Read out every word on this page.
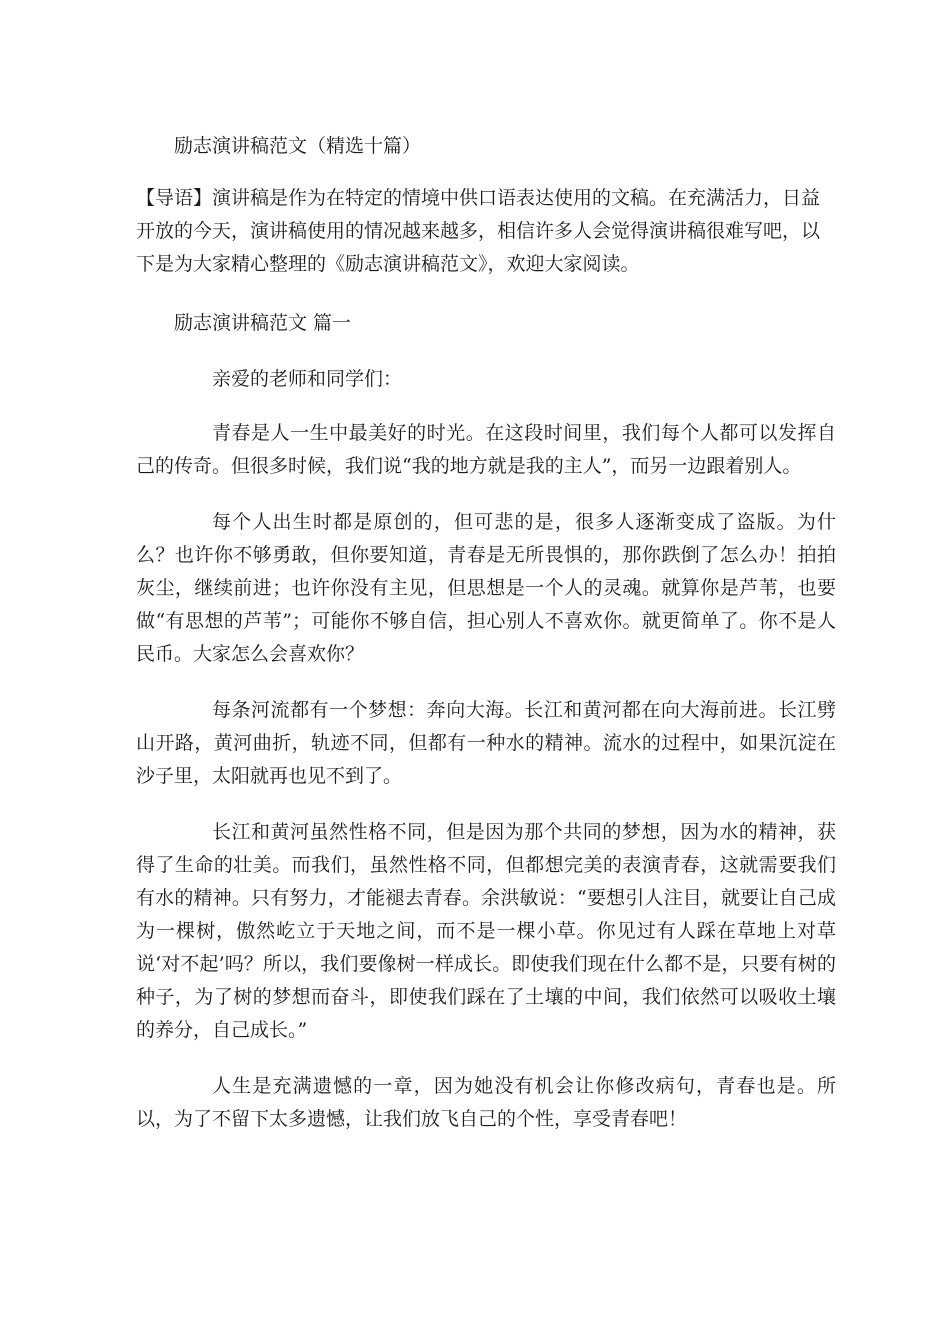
励志演讲稿范文（精选十篇）

【导语】演讲稿是作为在特定的情境中供口语表达使用的文稿。在充满活力，日益开放的今天，演讲稿使用的情况越来越多，相信许多人会觉得演讲稿很难写吧，以下是为大家精心整理的《励志演讲稿范文》，欢迎大家阅读。

励志演讲稿范文 篇一
亲爱的老师和同学们：

青春是人一生中最美好的时光。在这段时间里，我们每个人都可以发挥自己的传奇。但很多时候，我们说“我的地方就是我的主人”，而另一边跟着别人。

每个人出生时都是原创的，但可悲的是，很多人逐渐变成了盗版。为什么？也许你不够勇敢，但你要知道，青春是无所畏惧的，那你跌倒了怎么办！拍拍灰尘，继续前进；也许你没有主见，但思想是一个人的灵魂。就算你是芦苇，也要做“有思想的芦苇”；可能你不够自信，担心别人不喜欢你。就更简单了。你不是人民币。大家怎么会喜欢你？

每条河流都有一个梦想：奔向大海。长江和黄河都在向大海前进。长江劈山开路，黄河曲折，轨迹不同，但都有一种水的精神。流水的过程中，如果沉淀在沙子里，太阳就再也见不到了。

长江和黄河虽然性格不同，但是因为那个共同的梦想，因为水的精神，获得了生命的壮美。而我们，虽然性格不同，但都想完美的表演青春，这就需要我们有水的精神。只有努力，才能褪去青春。余洪敏说：“要想引人注目，就要让自己成为一棵树，傲然屹立于天地之间，而不是一棵小草。你见过有人踩在草地上对草说‘对不起’吗？所以，我们要像树一样成长。即使我们现在什么都不是，只要有树的种子，为了树的梦想而奋斗，即使我们踩在了土壤的中间，我们依然可以吸收土壤的养分，自己成长。”

人生是充满遗憾的一章，因为她没有机会让你修改病句，青春也是。所以，为了不留下太多遗憾，让我们放飞自己的个性，享受青春吧！
